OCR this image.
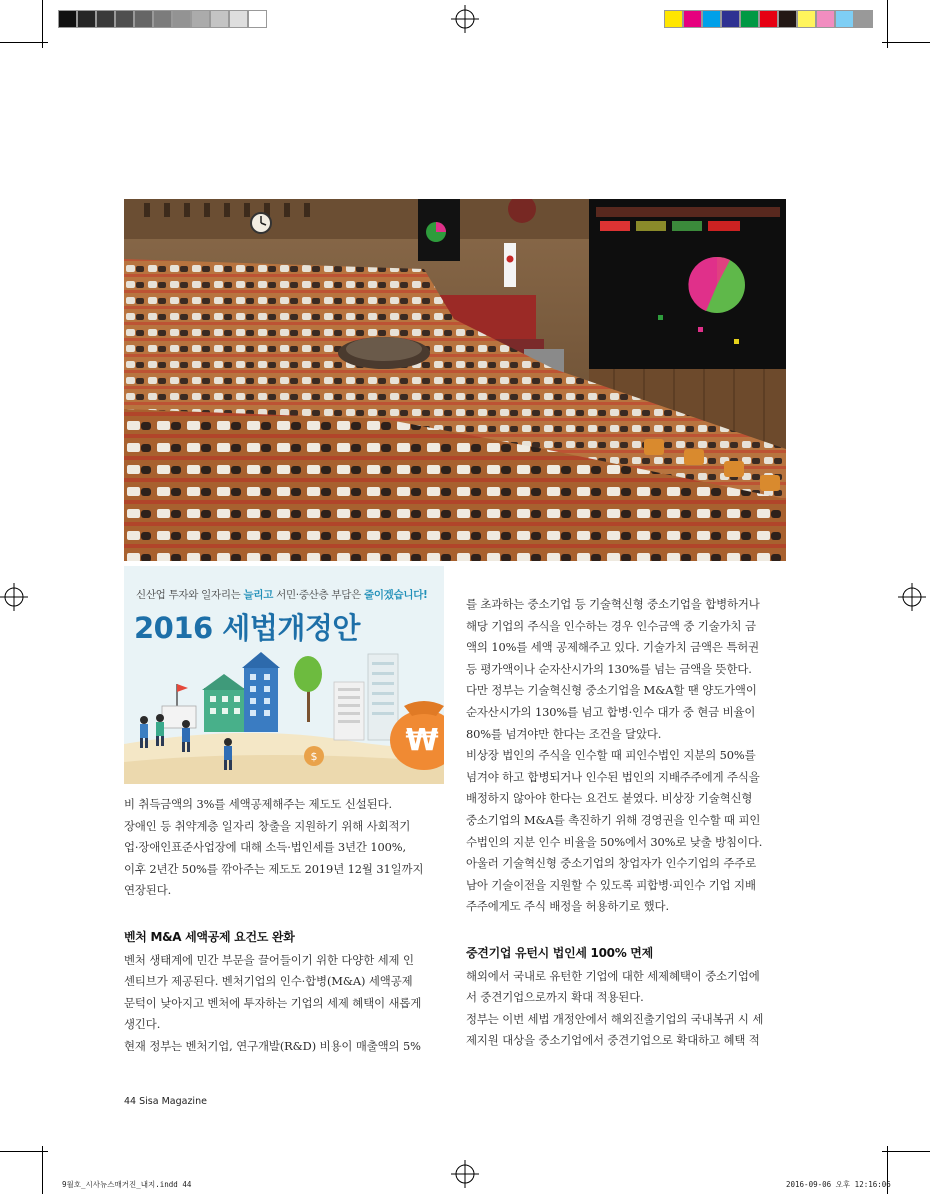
신산업 투자와 일자리는 늘리고 서민·중산층 부담은 줄이겠습니다!
2016 세법개정안
$	₩

비 취득금액의 3%를 세액공제해주는 제도도 신설된다.

장애인 등 취약계층 일자리 창출을 지원하기 위해 사회적기

업·장애인표준사업장에 대해 소득·법인세를 3년간 100%,

이후 2년간 50%를 깎아주는 제도도 2019년 12월 31일까지

연장된다.

벤처 M&A 세액공제 요건도 완화

벤처 생태계에 민간 부문을 끌어들이기 위한 다양한 세제 인

센티브가 제공된다. 벤처기업의 인수·합병(M&A) 세액공제

문턱이 낮아지고 벤처에 투자하는 기업의 세제 혜택이 새롭게

생긴다.

현재 정부는 벤처기업, 연구개발(R&D) 비용이 매출액의 5%

를 초과하는 중소기업 등 기술혁신형 중소기업을 합병하거나

해당 기업의 주식을 인수하는 경우 인수금액 중 기술가치 금

액의 10%를 세액 공제해주고 있다. 기술가치 금액은 특허권

등 평가액이나 순자산시가의 130%를 넘는 금액을 뜻한다.

다만 정부는 기술혁신형 중소기업을 M&A할 땐 양도가액이

순자산시가의 130%를 넘고 합병·인수 대가 중 현금 비율이

80%를 넘겨야만 한다는 조건을 달았다.

비상장 법인의 주식을 인수할 때 피인수법인 지분의 50%를

넘겨야 하고 합병되거나 인수된 법인의 지배주주에게 주식을

배정하지 않아야 한다는 요건도 붙였다. 비상장 기술혁신형

중소기업의 M&A를 촉진하기 위해 경영권을 인수할 때 피인

수법인의 지분 인수 비율을 50%에서 30%로 낮출 방침이다.

아울러 기술혁신형 중소기업의 창업자가 인수기업의 주주로

남아 기술이전을 지원할 수 있도록 피합병·피인수 기업 지배

주주에게도 주식 배정을 허용하기로 했다.

중견기업 유턴시 법인세 100% 면제

해외에서 국내로 유턴한 기업에 대한 세제혜택이 중소기업에

서 중견기업으로까지 확대 적용된다.

정부는 이번 세법 개정안에서 해외진출기업의 국내복귀 시 세

제지원 대상을 중소기업에서 중견기업으로 확대하고 혜택 적

44 Sisa Magazine
9월호_시사뉴스매거진_내지.indd 44	2016-09-06 오후 12:16:06
